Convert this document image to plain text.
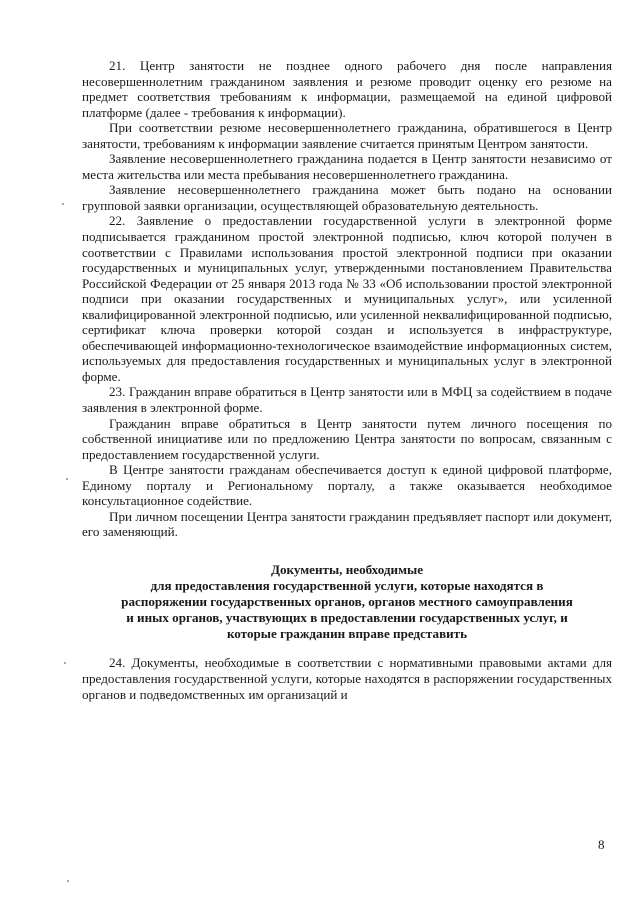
21. Центр занятости не позднее одного рабочего дня после направления несовершеннолетним гражданином заявления и резюме проводит оценку его резюме на предмет соответствия требованиям к информации, размещаемой на единой цифровой платформе (далее - требования к информации).

При соответствии резюме несовершеннолетнего гражданина, обратившегося в Центр занятости, требованиям к информации заявление считается принятым Центром занятости.

Заявление несовершеннолетнего гражданина подается в Центр занятости независимо от места жительства или места пребывания несовершеннолетнего гражданина.

Заявление несовершеннолетнего гражданина может быть подано на основании групповой заявки организации, осуществляющей образовательную деятельность.

22. Заявление о предоставлении государственной услуги в электронной форме подписывается гражданином простой электронной подписью, ключ которой получен в соответствии с Правилами использования простой электронной подписи при оказании государственных и муниципальных услуг, утвержденными постановлением Правительства Российской Федерации от 25 января 2013 года № 33 «Об использовании простой электронной подписи при оказании государственных и муниципальных услуг», или усиленной квалифицированной электронной подписью, или усиленной неквалифицированной подписью, сертификат ключа проверки которой создан и используется в инфраструктуре, обеспечивающей информационно-технологическое взаимодействие информационных систем, используемых для предоставления государственных и муниципальных услуг в электронной форме.

23. Гражданин вправе обратиться в Центр занятости или в МФЦ за содействием в подаче заявления в электронной форме.

Гражданин вправе обратиться в Центр занятости путем личного посещения по собственной инициативе или по предложению Центра занятости по вопросам, связанным с предоставлением государственной услуги.

В Центре занятости гражданам обеспечивается доступ к единой цифровой платформе, Единому порталу и Региональному порталу, а также оказывается необходимое консультационное содействие.

При личном посещении Центра занятости гражданин предъявляет паспорт или документ, его заменяющий.

Документы, необходимые
для предоставления государственной услуги, которые находятся в
распоряжении государственных органов, органов местного самоуправления
и иных органов, участвующих в предоставлении государственных услуг, и
которые гражданин вправе представить

24. Документы, необходимые в соответствии с нормативными правовыми актами для предоставления государственной услуги, которые находятся в распоряжении государственных органов и подведомственных им организаций и

8
